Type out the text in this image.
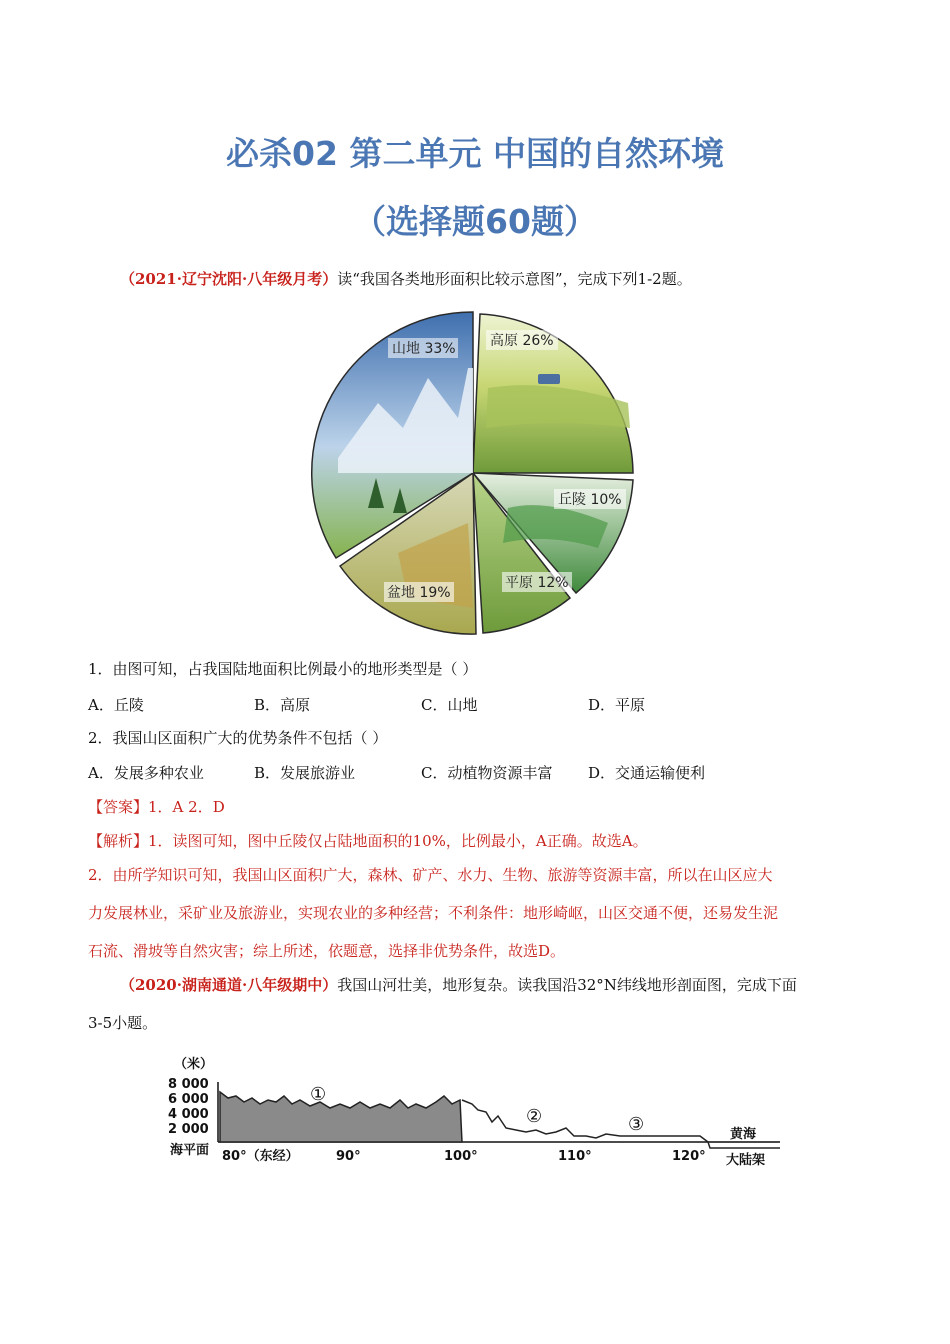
必杀02 第二单元 中国的自然环境
（选择题60题）
（2021·辽宁沈阳·八年级月考）读“我国各类地形面积比较示意图”，完成下列1-2题。
山地 33% 高原 26%
丘陵 10%
平原 12%
盆地 19%
1．由图可知，占我国陆地面积比例最小的地形类型是（ ）
A．丘陵	B．高原	C．山地	D．平原
2．我国山区面积广大的优势条件不包括（ ）
A．发展多种农业	B．发展旅游业	C．动植物资源丰富 D．交通运输便利
【答案】1．A 2．D
【解析】1．读图可知，图中丘陵仅占陆地面积的10%，比例最小，A正确。故选A。
2．由所学知识可知，我国山区面积广大，森林、矿产、水力、生物、旅游等资源丰富，所以在山区应大
力发展林业，采矿业及旅游业，实现农业的多种经营；不利条件：地形崎岖，山区交通不便，还易发生泥
石流、滑坡等自然灾害；综上所述，依题意，选择非优势条件，故选D。
（2020·湖南通道·八年级期中）我国山河壮美，地形复杂。读我国沿32°N纬线地形剖面图，完成下面
3-5小题。
（米）
8 000
6 000
4 000
2 000
海平面 80°（东经）	90°	100°	110°	120°
黄海
大陆架
①
②	③
